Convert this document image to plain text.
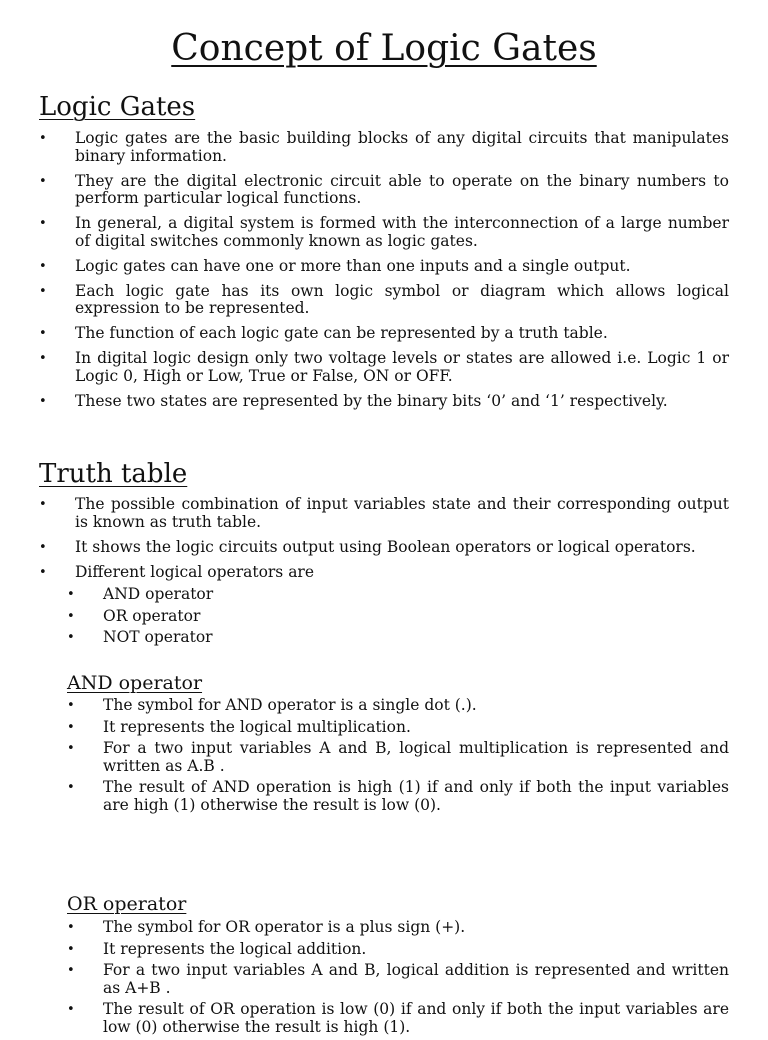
Concept of Logic Gates
Logic Gates
• Logic gates are the basic building blocks of any digital circuits that manipulates binary information.
• They are the digital electronic circuit able to operate on the binary numbers to perform particular logical functions.
• In general, a digital system is formed with the interconnection of a large number of digital switches commonly known as logic gates.
• Logic gates can have one or more than one inputs and a single output.
• Each logic gate has its own logic symbol or diagram which allows logical expression to be represented.
• The function of each logic gate can be represented by a truth table.
• In digital logic design only two voltage levels or states are allowed i.e. Logic 1 or Logic 0, High or Low, True or False, ON or OFF.
• These two states are represented by the binary bits ‘0’ and ‘1’ respectively.
Truth table
• The possible combination of input variables state and their corresponding output is known as truth table.
• It shows the logic circuits output using Boolean operators or logical operators.
• Different logical operators are
• AND operator
• OR operator
• NOT operator
AND operator
• The symbol for AND operator is a single dot (.).
• It represents the logical multiplication.
• For a two input variables A and B, logical multiplication is represented and written as A.B .
• The result of AND operation is high (1) if and only if both the input variables are high (1) otherwise the result is low (0).
OR operator
• The symbol for OR operator is a plus sign (+).
• It represents the logical addition.
• For a two input variables A and B, logical addition is represented and written as A+B .
• The result of OR operation is low (0) if and only if both the input variables are low (0) otherwise the result is high (1).
